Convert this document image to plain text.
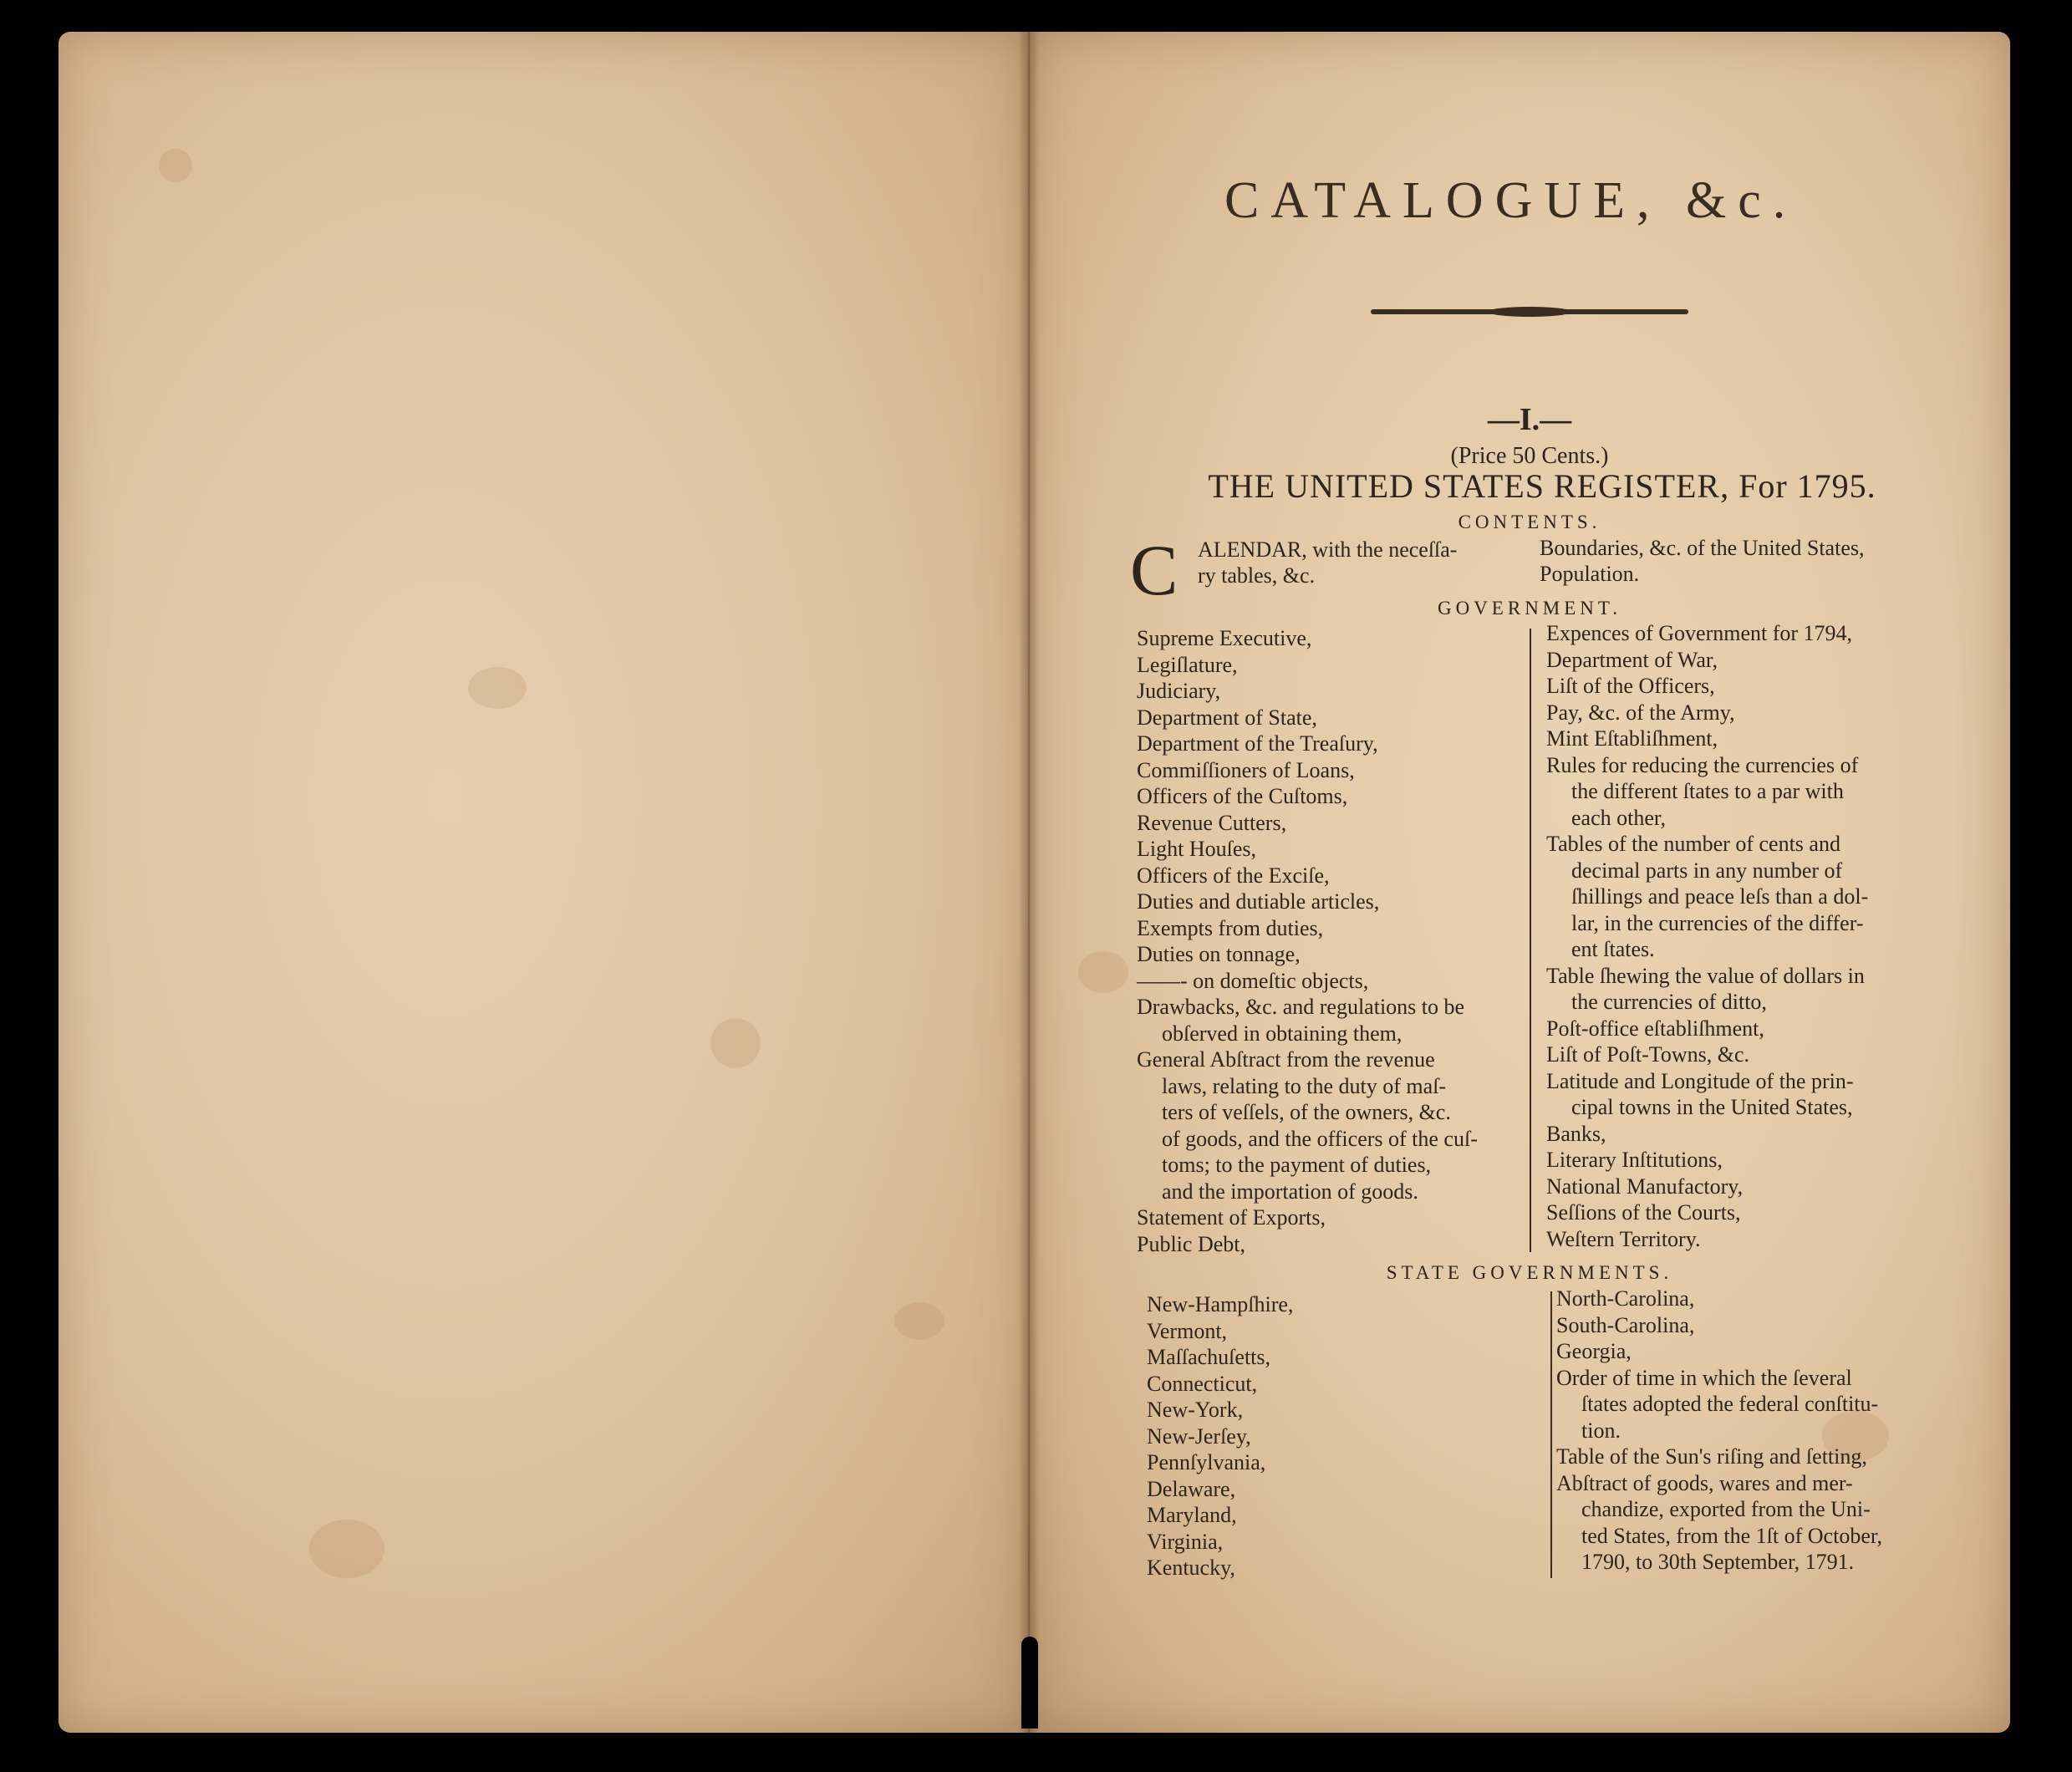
CATALOGUE, &c.
—I.—
(Price 50 Cents.)
THE UNITED STATES REGISTER, For 1795.
CONTENTS.
C ALENDAR, with the neceſſa-
ry tables, &c.
Boundaries, &c. of the United States,
Population.
GOVERNMENT.
Supreme Executive,
Legiſlature,
Judiciary,
Department of State,
Department of the Treaſury,
Commiſſioners of Loans,
Officers of the Cuſtoms,
Revenue Cutters,
Light Houſes,
Officers of the Exciſe,
Duties and dutiable articles,
Exempts from duties,
Duties on tonnage,
——- on domeſtic objects,
Drawbacks, &c. and regulations to be
obſerved in obtaining them,
General Abſtract from the revenue
laws, relating to the duty of maſ-
ters of veſſels, of the owners, &c.
of goods, and the officers of the cuſ-
toms; to the payment of duties,
and the importation of goods.
Statement of Exports,
Public Debt,
Expences of Government for 1794,
Department of War,
Liſt of the Officers,
Pay, &c. of the Army,
Mint Eſtabliſhment,
Rules for reducing the currencies of
the different ſtates to a par with
each other,
Tables of the number of cents and
decimal parts in any number of
ſhillings and peace leſs than a dol-
lar, in the currencies of the differ-
ent ſtates.
Table ſhewing the value of dollars in
the currencies of ditto,
Poſt-office eſtabliſhment,
Liſt of Poſt-Towns, &c.
Latitude and Longitude of the prin-
cipal towns in the United States,
Banks,
Literary Inſtitutions,
National Manufactory,
Seſſions of the Courts,
Weſtern Territory.
STATE GOVERNMENTS.
New-Hampſhire,
Vermont,
Maſſachuſetts,
Connecticut,
New-York,
New-Jerſey,
Pennſylvania,
Delaware,
Maryland,
Virginia,
Kentucky,
North-Carolina,
South-Carolina,
Georgia,
Order of time in which the ſeveral
ſtates adopted the federal conſtitu-
tion.
Table of the Sun's riſing and ſetting,
Abſtract of goods, wares and mer-
chandize, exported from the Uni-
ted States, from the 1ſt of October,
1790, to 30th September, 1791.
